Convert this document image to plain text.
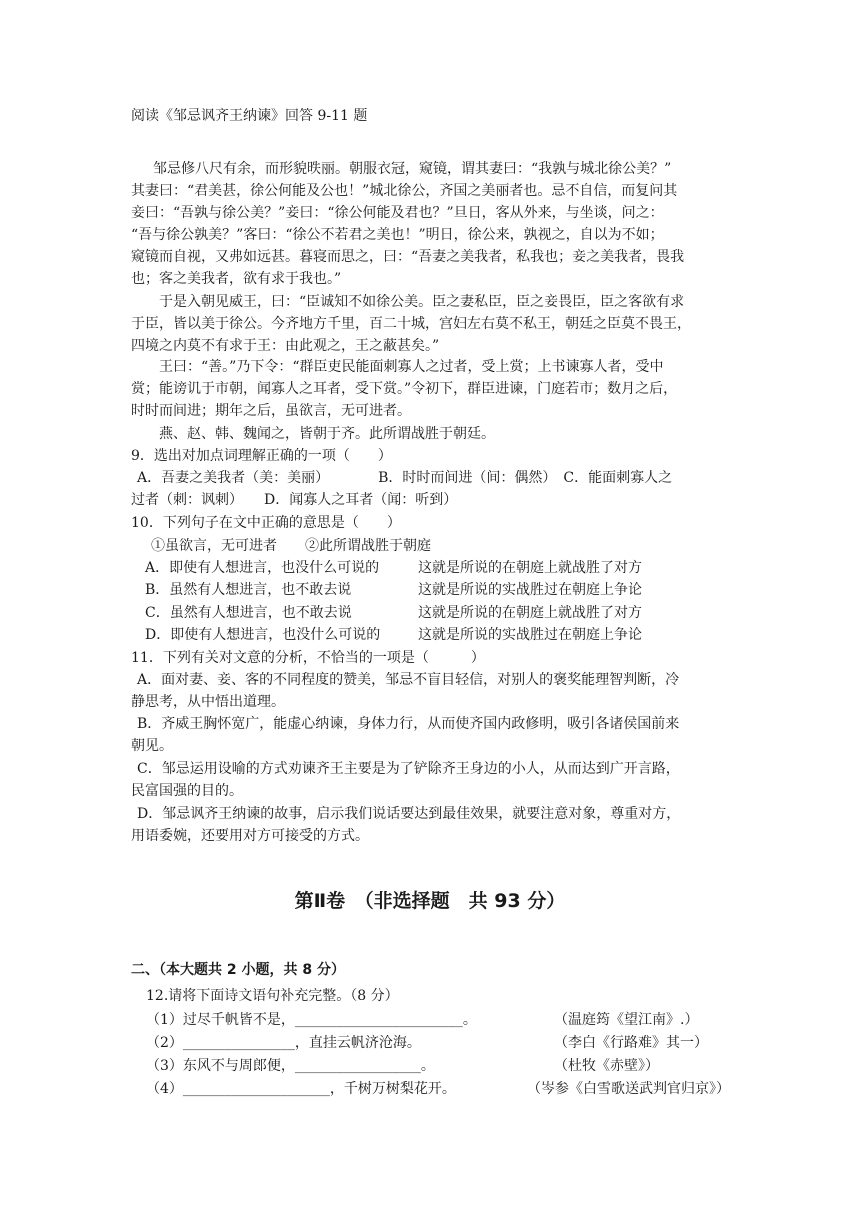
阅读《邹忌讽齐王纳谏》回答 9-11 题
邹忌修八尺有余，而形貌昳丽。朝服衣冠，窥镜，谓其妻曰：“我孰与城北徐公美？”
其妻曰：“君美甚，徐公何能及公也！”城北徐公，齐国之美丽者也。忌不自信，而复问其
妾曰：“吾孰与徐公美？”妾曰：“徐公何能及君也？”旦日，客从外来，与坐谈，问之：
“吾与徐公孰美？”客曰：“徐公不若君之美也！”明日，徐公来，孰视之，自以为不如；
窥镜而自视，又弗如远甚。暮寝而思之，曰：“吾妻之美我者，私我也；妾之美我者，畏我
也；客之美我者，欲有求于我也。”
于是入朝见威王，曰：“臣诚知不如徐公美。臣之妻私臣，臣之妾畏臣，臣之客欲有求
于臣，皆以美于徐公。今齐地方千里，百二十城，宫妇左右莫不私王，朝廷之臣莫不畏王，
四境之内莫不有求于王：由此观之，王之蔽甚矣。”
王曰：“善。”乃下令：“群臣吏民能面刺寡人之过者，受上赏；上书谏寡人者，受中
赏；能谤讥于市朝，闻寡人之耳者，受下赏。”令初下，群臣进谏，门庭若市；数月之后，
时时而间进；期年之后，虽欲言，无可进者。
燕、赵、韩、魏闻之，皆朝于齐。此所谓战胜于朝廷。
9．选出对加点词理解正确的一项（　　）
A．吾妻之美我者（美：美丽）　　　　B．时时而间进（间：偶然）　C．能面刺寡人之
过者（刺：讽刺）　　D．闻寡人之耳者（闻：听到）
10．下列句子在文中正确的意思是（　　）
①虽欲言，无可进者　　②此所谓战胜于朝庭
A．即使有人想进言，也没什么可说的	这就是所说的在朝庭上就战胜了对方
B．虽然有人想进言，也不敢去说	这就是所说的实战胜过在朝庭上争论
C．虽然有人想进言，也不敢去说	这就是所说的在朝庭上就战胜了对方
D．即使有人想进言，也没什么可说的	这就是所说的实战胜过在朝庭上争论
11．下列有关对文意的分析，不恰当的一项是（　　　）
A．面对妻、妾、客的不同程度的赞美，邹忌不盲目轻信，对别人的褒奖能理智判断，冷
静思考，从中悟出道理。
B．齐威王胸怀宽广，能虚心纳谏，身体力行，从而使齐国内政修明，吸引各诸侯国前来
朝见。
C．邹忌运用设喻的方式劝谏齐王主要是为了铲除齐王身边的小人，从而达到广开言路，
民富国强的目的。
D．邹忌讽齐王纳谏的故事，启示我们说话要达到最佳效果，就要注意对象，尊重对方，
用语委婉，还要用对方可接受的方式。
第Ⅱ卷　（非选择题　共 93 分）
二、（本大题共 2 小题，共 8 分）
12.请将下面诗文语句补充完整。（8 分）
（1）过尽千帆皆不是，________________________。	（温庭筠《望江南》.）
（2）________________，直挂云帆济沧海。	（李白《行路难》其一）
（3）东风不与周郎便，__________________。	（杜牧《赤壁》）
（4）_____________________，千树万树梨花开。	（岑参《白雪歌送武判官归京》）
